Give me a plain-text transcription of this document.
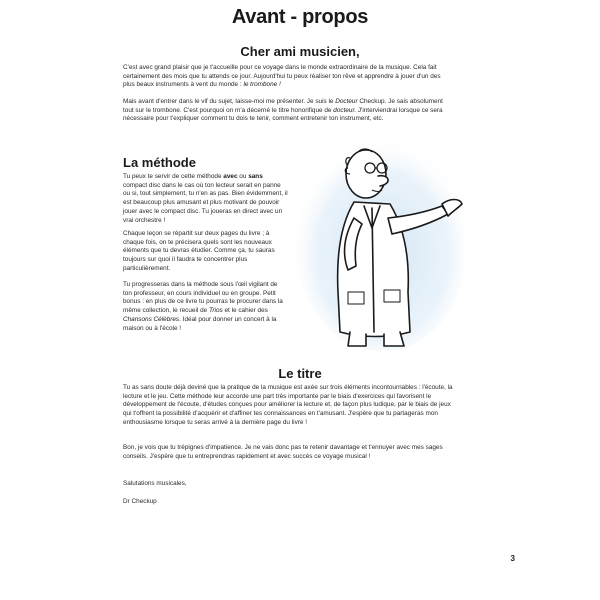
Avant - propos
Cher ami musicien,

C'est avec grand plaisir que je t'accueille pour ce voyage dans le monde extraordinaire de la musique. Cela fait certainement des mois que tu attends ce jour. Aujourd'hui tu peux réaliser ton rêve et apprendre à jouer d'un des plus beaux instruments à vent du monde : le trombone !

Mais avant d'entrer dans le vif du sujet, laisse-moi me présenter. Je suis le Docteur Checkup. Je sais absolument tout sur le trombone. C'est pourquoi on m'a décerné le titre honorifique de docteur. J'interviendrai lorsque ce sera nécessaire pour t'expliquer comment tu dois te tenir, comment entretenir ton instrument, etc.

La méthode

Tu peux te servir de cette méthode avec ou sans compact disc dans le cas où ton lecteur serait en panne ou si, tout simplement, tu n'en as pas. Bien évidemment, il est beaucoup plus amusant et plus motivant de pouvoir jouer avec le compact disc. Tu joueras en direct avec un vrai orchestre !

Chaque leçon se répartit sur deux pages du livre ; à chaque fois, on te précisera quels sont les nouveaux éléments que tu devras étudier. Comme ça, tu sauras toujours sur quoi il faudra te concentrer plus particulièrement.

Tu progresseras dans la méthode sous l'œil vigilant de ton professeur, en cours individuel ou en groupe. Petit bonus : en plus de ce livre tu pourras te procurer dans la même collection, le recueil de Trios et le cahier des Chansons Célèbres. Idéal pour donner un concert à la maison ou à l'école !

Le titre

Tu as sans doute déjà deviné que la pratique de la musique est axée sur trois éléments incontournables : l'écoute, la lecture et le jeu. Cette méthode leur accorde une part très importante par le biais d'exercices qui favorisent le développement de l'écoute, d'études conçues pour améliorer la lecture et, de façon plus ludique, par le biais de jeux qui t'offrent la possibilité d'acquérir et d'affiner tes connaissances en t'amusant. J'espère que tu partageras mon enthousiasme lorsque tu seras arrivé à la dernière page du livre !

Bon, je vois que tu trépignes d'impatience. Je ne vais donc pas te retenir davantage et t'ennuyer avec mes sages conseils. J'espère que tu entreprendras rapidement et avec succès ce voyage musical !

Salutations musicales,

Dr Checkup

3
